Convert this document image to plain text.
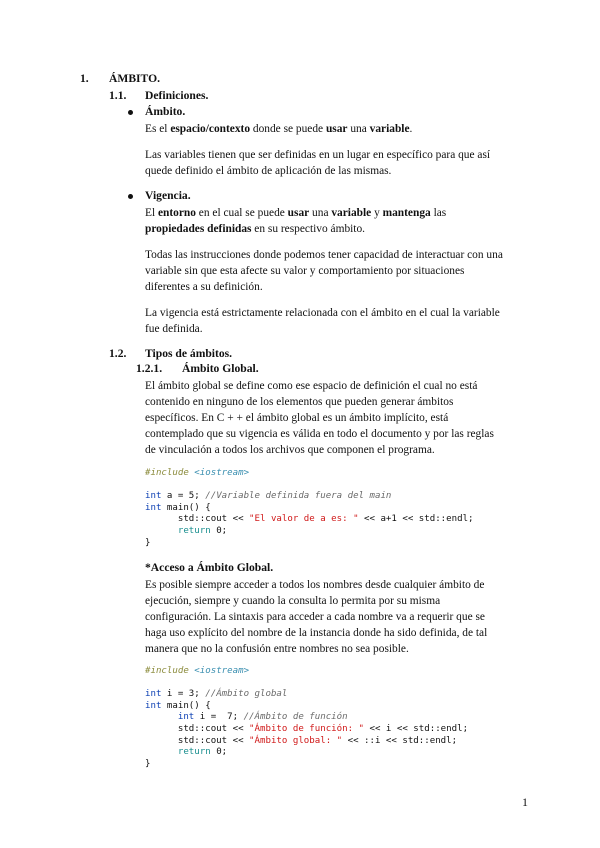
1. ÁMBITO.
1.1. Definiciones.
Ámbito.
Es el espacio/contexto donde se puede usar una variable.
Las variables tienen que ser definidas en un lugar en específico para que así
quede definido el ámbito de aplicación de las mismas.
Vigencia.
El entorno en el cual se puede usar una variable y mantenga las
propiedades definidas en su respectivo ámbito.
Todas las instrucciones donde podemos tener capacidad de interactuar con una
variable sin que esta afecte su valor y comportamiento por situaciones
diferentes a su definición.
La vigencia está estrictamente relacionada con el ámbito en el cual la variable
fue definida.
1.2. Tipos de ámbitos.
1.2.1. Ámbito Global.
El ámbito global se define como ese espacio de definición el cual no está
contenido en ninguno de los elementos que pueden generar ámbitos
específicos. En C + + el ámbito global es un ámbito implícito, está
contemplado que su vigencia es válida en todo el documento y por las reglas
de vinculación a todos los archivos que componen el programa.
#include <iostream>

int a = 5; //Variable definida fuera del main
int main() {
std::cout << "El valor de a es: " << a+1 << std::endl;
return 0;
}
*Acceso a Ámbito Global.
Es posible siempre acceder a todos los nombres desde cualquier ámbito de
ejecución, siempre y cuando la consulta lo permita por su misma
configuración. La sintaxis para acceder a cada nombre va a requerir que se
haga uso explícito del nombre de la instancia donde ha sido definida, de tal
manera que no la confusión entre nombres no sea posible.
#include <iostream>

int i = 3; //Ámbito global
int main() {
int i =  7; //Ámbito de función
std::cout << "Ámbito de función: " << i << std::endl;
std::cout << "Ámbito global: " << ::i << std::endl;
return 0;
}
1
